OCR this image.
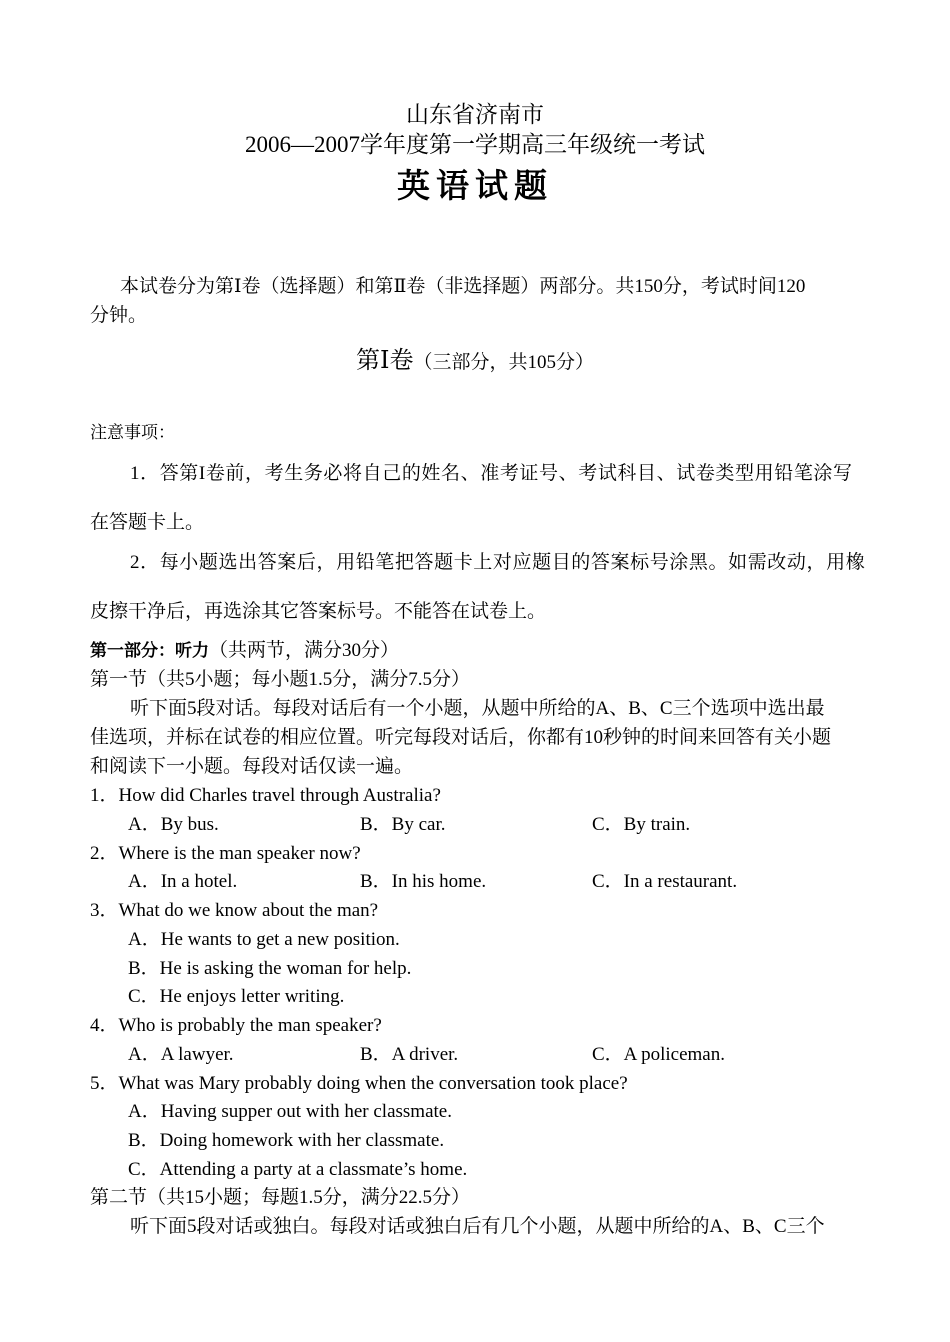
山东省济南市
2006—2007学年度第一学期高三年级统一考试
英语试题
本试卷分为第Ⅰ卷（选择题）和第Ⅱ卷（非选择题）两部分。共150分，考试时间120
分钟。
第Ⅰ卷（三部分，共105分）
注意事项：
1．答第I卷前，考生务必将自己的姓名、准考证号、考试科目、试卷类型用铅笔涂写
在答题卡上。
2．每小题选出答案后，用铅笔把答题卡上对应题目的答案标号涂黑。如需改动，用橡
皮擦干净后，再选涂其它答案标号。不能答在试卷上。
第一部分：听力（共两节，满分30分）
第一节（共5小题；每小题1.5分，满分7.5分）
听下面5段对话。每段对话后有一个小题，从题中所给的A、B、C三个选项中选出最
佳选项，并标在试卷的相应位置。听完每段对话后，你都有10秒钟的时间来回答有关小题
和阅读下一小题。每段对话仅读一遍。
1．How did Charles travel through Australia?
A．By bus.	B．By car.	C．By train.
2．Where is the man speaker now?
A．In a hotel.	B．In his home.	C．In a restaurant.
3．What do we know about the man?
A．He wants to get a new position.
B．He is asking the woman for help.
C．He enjoys letter writing.
4．Who is probably the man speaker?
A．A lawyer.	B．A driver.	C．A policeman.
5．What was Mary probably doing when the conversation took place?
A．Having supper out with her classmate.
B．Doing homework with her classmate.
C．Attending a party at a classmate’s home.
第二节（共15小题；每题1.5分，满分22.5分）
听下面5段对话或独白。每段对话或独白后有几个小题，从题中所给的A、B、C三个
